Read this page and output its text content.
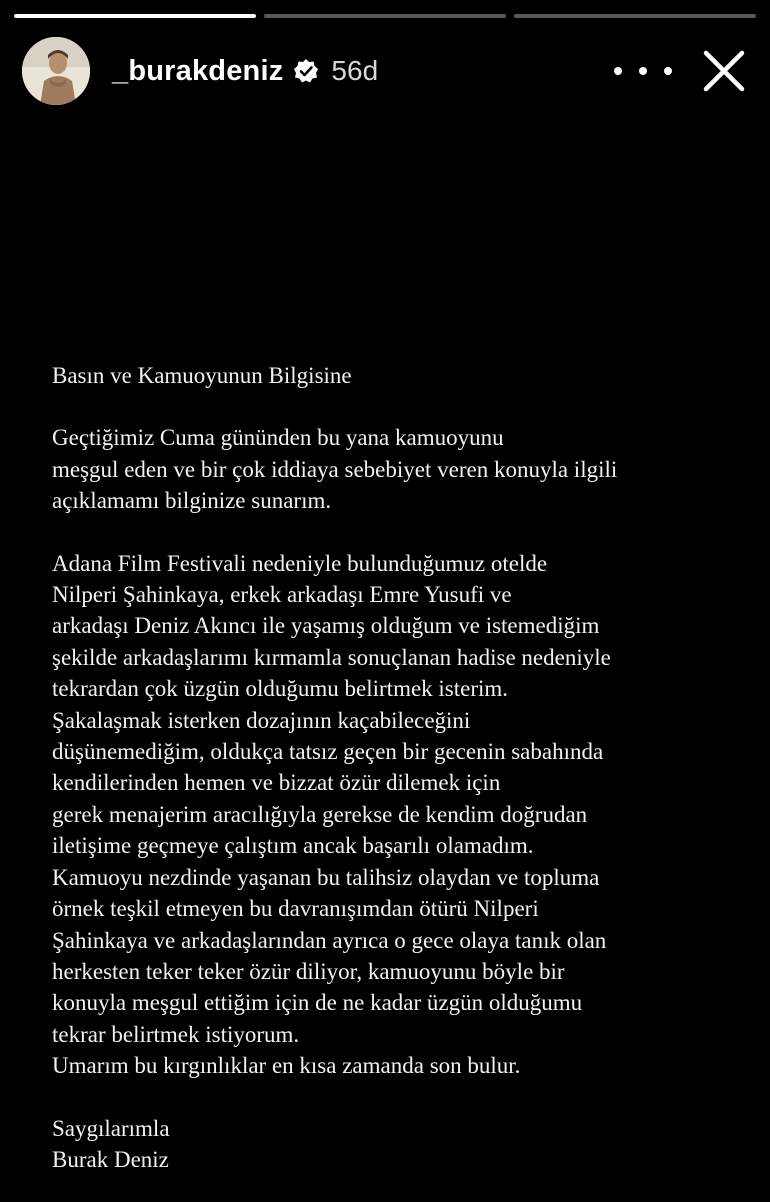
_burakdeniz 56d
Basın ve Kamuoyunun Bilgisine
Geçtiğimiz Cuma gününden bu yana kamuoyunu
meşgul eden ve bir çok iddiaya sebebiyet veren konuyla ilgili
açıklamamı bilginize sunarım.
Adana Film Festivali nedeniyle bulunduğumuz otelde
Nilperi Şahinkaya, erkek arkadaşı Emre Yusufi ve
arkadaşı Deniz Akıncı ile yaşamış olduğum ve istemediğim
şekilde arkadaşlarımı kırmamla sonuçlanan hadise nedeniyle
tekrardan çok üzgün olduğumu belirtmek isterim.
Şakalaşmak isterken dozajının kaçabileceğini
düşünemediğim, oldukça tatsız geçen bir gecenin sabahında
kendilerinden hemen ve bizzat özür dilemek için
gerek menajerim aracılığıyla gerekse de kendim doğrudan
iletişime geçmeye çalıştım ancak başarılı olamadım.
Kamuoyu nezdinde yaşanan bu talihsiz olaydan ve topluma
örnek teşkil etmeyen bu davranışımdan ötürü Nilperi
Şahinkaya ve arkadaşlarından ayrıca o gece olaya tanık olan
herkesten teker teker özür diliyor, kamuoyunu böyle bir
konuyla meşgul ettiğim için de ne kadar üzgün olduğumu
tekrar belirtmek istiyorum.
Umarım bu kırgınlıklar en kısa zamanda son bulur.
Saygılarımla
Burak Deniz
